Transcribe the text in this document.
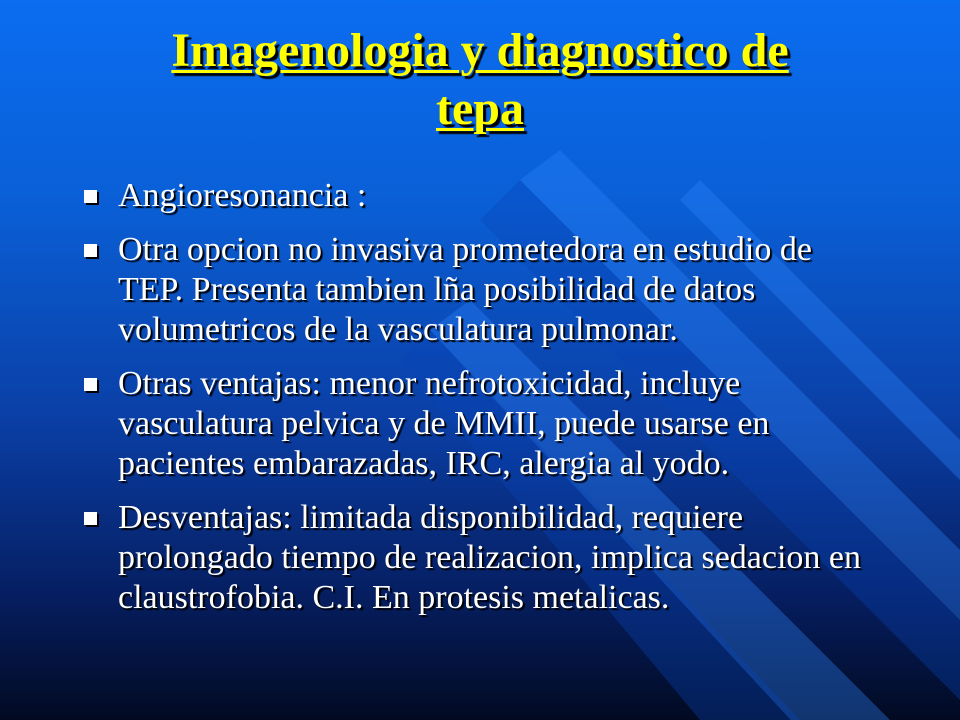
Imagenologia y diagnostico de
tepa
Angioresonancia :
Otra opcion no invasiva prometedora en estudio de TEP. Presenta tambien lña posibilidad de datos volumetricos de la vasculatura pulmonar.
Otras ventajas: menor nefrotoxicidad, incluye vasculatura pelvica y de MMII, puede usarse en pacientes embarazadas, IRC, alergia al yodo.
Desventajas: limitada disponibilidad, requiere prolongado tiempo de realizacion, implica sedacion en claustrofobia. C.I. En protesis metalicas.
